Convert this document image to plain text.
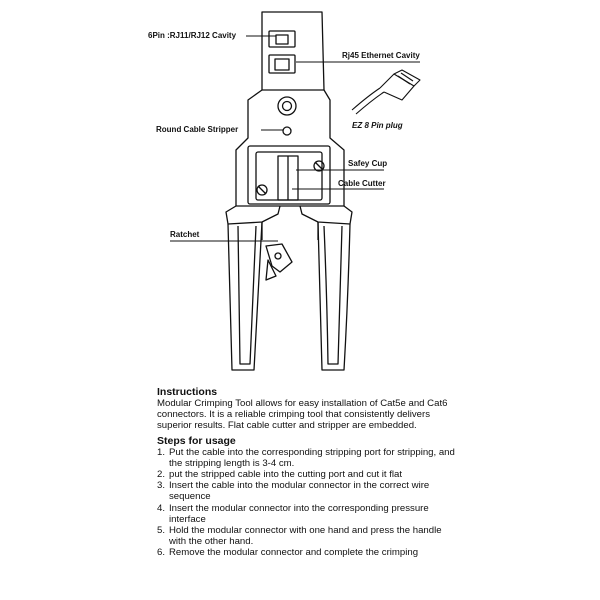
6Pin :RJ11/RJ12 Cavity
Rj45 Ethernet Cavity
EZ 8 Pin plug
Round Cable Stripper
Safey Cup
Cable Cutter
Ratchet
Instructions

Modular Crimping Tool allows for easy installation of Cat5e and Cat6 connectors. It is a reliable crimping tool that consistently delivers superior results. Flat cable cutter and stripper are embedded.

Steps for usage
1. Put the cable into the corresponding stripping port for stripping, and the stripping length is 3-4 cm.
2. put the stripped cable into the cutting port and cut it flat
3. Insert the cable into the modular connector in the correct wire sequence
4. Insert the modular connector into the corresponding pressure interface
5. Hold the modular connector with one hand and press the handle with the other hand.
6. Remove the modular connector and complete the crimping
